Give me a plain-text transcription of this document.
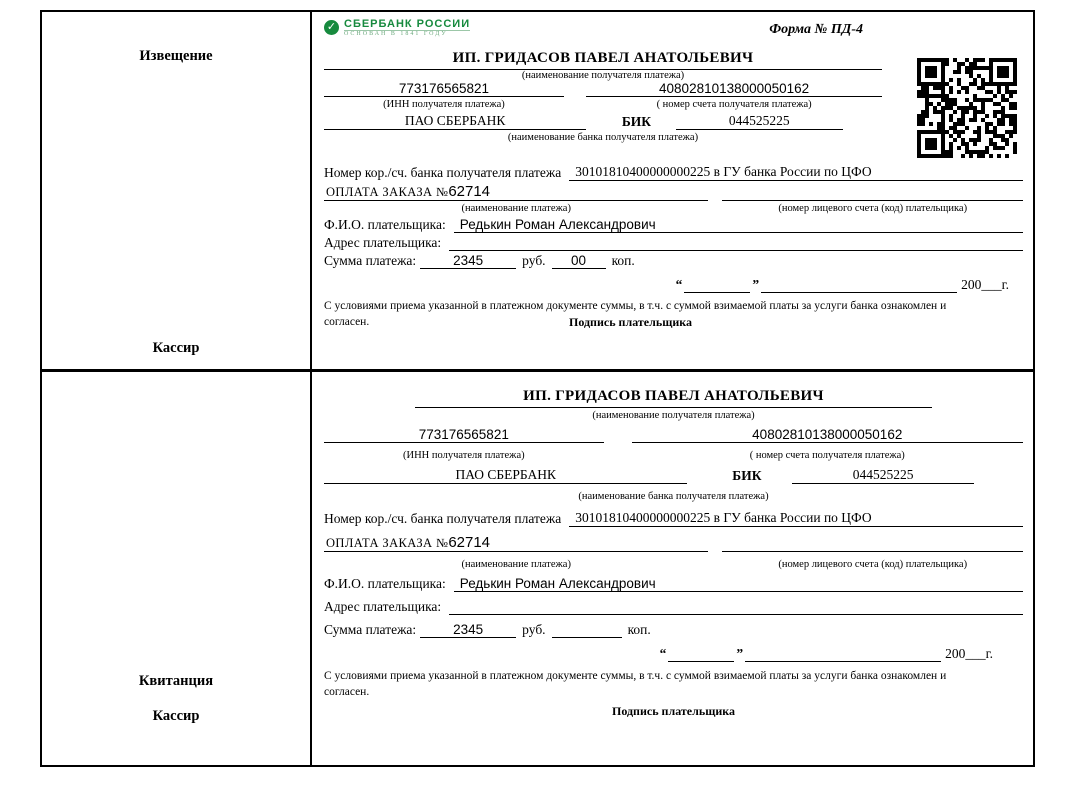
Извещение
Кассир
✓ СБЕРБАНК РОССИИ
ОСНОВАН В 1841 ГОДУ	Форма № ПД-4
ИП. ГРИДАСОВ ПАВЕЛ АНАТОЛЬЕВИЧ
(наименование получателя платежа)
773176565821	40802810138000050162
(ИНН получателя платежа)	( номер счета получателя платежа)
ПАО СБЕРБАНК	БИК	044525225
(наименование банка получателя платежа)
Номер кор./сч. банка получателя платежа	30101810400000000225 в ГУ банка России по ЦФО
ОПЛАТА ЗАКАЗА №62714
(наименование платежа)	(номер лицевого счета (код) плательщика)
Ф.И.О. плательщика:	Редькин Роман Александрович
Адрес плательщика:
Сумма платежа:	2345	руб.	00	коп.
“	”	200___г.
С условиями приема указанной в платежном документе суммы, в т.ч. с суммой взимаемой платы за услуги банка ознакомлен и согласен.	Подпись плательщика
Квитанция
Кассир
ИП. ГРИДАСОВ ПАВЕЛ АНАТОЛЬЕВИЧ
(наименование получателя платежа)
773176565821	40802810138000050162
(ИНН получателя платежа)	( номер счета получателя платежа)
ПАО СБЕРБАНК	БИК	044525225
(наименование банка получателя платежа)
Номер кор./сч. банка получателя платежа	30101810400000000225 в ГУ банка России по ЦФО
ОПЛАТА ЗАКАЗА №62714
(наименование платежа)	(номер лицевого счета (код) плательщика)
Ф.И.О. плательщика:	Редькин Роман Александрович
Адрес плательщика:
Сумма платежа:	2345	руб.	коп.
“	”	200___г.
С условиями приема указанной в платежном документе суммы, в т.ч. с суммой взимаемой платы за услуги банка ознакомлен и согласен.
Подпись плательщика
